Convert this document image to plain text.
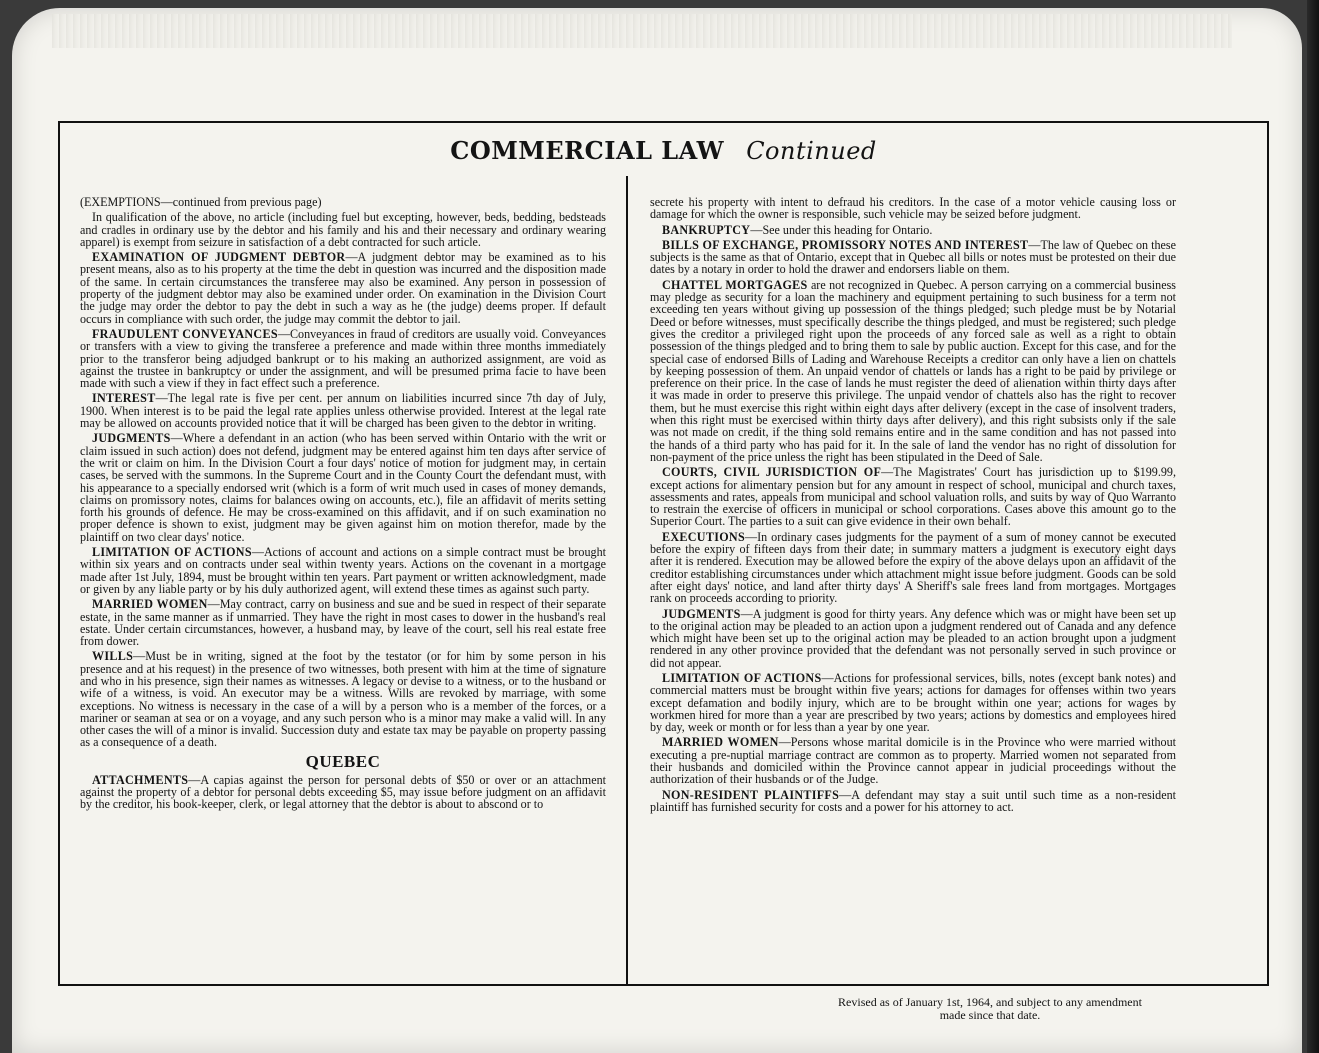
COMMERCIAL LAW Continued

(EXEMPTIONS—continued from previous page)

In qualification of the above, no article (including fuel but excepting, however, beds, bedding, bedsteads and cradles in ordinary use by the debtor and his family and his and their necessary and ordinary wearing apparel) is exempt from seizure in satisfaction of a debt contracted for such article.

EXAMINATION OF JUDGMENT DEBTOR—A judgment debtor may be examined as to his present means, also as to his property at the time the debt in question was incurred and the disposition made of the same. In certain circumstances the transferee may also be examined. Any person in possession of property of the judgment debtor may also be examined under order. On examination in the Division Court the judge may order the debtor to pay the debt in such a way as he (the judge) deems proper. If default occurs in compliance with such order, the judge may commit the debtor to jail.

FRAUDULENT CONVEYANCES—Conveyances in fraud of creditors are usually void. Conveyances or transfers with a view to giving the transferee a preference and made within three months immediately prior to the transferor being adjudged bankrupt or to his making an authorized assignment, are void as against the trustee in bankruptcy or under the assignment, and will be presumed prima facie to have been made with such a view if they in fact effect such a preference.

INTEREST—The legal rate is five per cent. per annum on liabilities incurred since 7th day of July, 1900. When interest is to be paid the legal rate applies unless otherwise provided. Interest at the legal rate may be allowed on accounts provided notice that it will be charged has been given to the debtor in writing.

JUDGMENTS—Where a defendant in an action (who has been served within Ontario with the writ or claim issued in such action) does not defend, judgment may be entered against him ten days after service of the writ or claim on him. In the Division Court a four days' notice of motion for judgment may, in certain cases, be served with the summons. In the Supreme Court and in the County Court the defendant must, with his appearance to a specially endorsed writ (which is a form of writ much used in cases of money demands, claims on promissory notes, claims for balances owing on accounts, etc.), file an affidavit of merits setting forth his grounds of defence. He may be cross-examined on this affidavit, and if on such examination no proper defence is shown to exist, judgment may be given against him on motion therefor, made by the plaintiff on two clear days' notice.

LIMITATION OF ACTIONS—Actions of account and actions on a simple contract must be brought within six years and on contracts under seal within twenty years. Actions on the covenant in a mortgage made after 1st July, 1894, must be brought within ten years. Part payment or written acknowledgment, made or given by any liable party or by his duly authorized agent, will extend these times as against such party.

MARRIED WOMEN—May contract, carry on business and sue and be sued in respect of their separate estate, in the same manner as if unmarried. They have the right in most cases to dower in the husband's real estate. Under certain circumstances, however, a husband may, by leave of the court, sell his real estate free from dower.

WILLS—Must be in writing, signed at the foot by the testator (or for him by some person in his presence and at his request) in the presence of two witnesses, both present with him at the time of signature and who in his presence, sign their names as witnesses. A legacy or devise to a witness, or to the husband or wife of a witness, is void. An executor may be a witness. Wills are revoked by marriage, with some exceptions. No witness is necessary in the case of a will by a person who is a member of the forces, or a mariner or seaman at sea or on a voyage, and any such person who is a minor may make a valid will. In any other cases the will of a minor is invalid. Succession duty and estate tax may be payable on property passing as a consequence of a death.

QUEBEC

ATTACHMENTS—A capias against the person for personal debts of $50 or over or an attachment against the property of a debtor for personal debts exceeding $5, may issue before judgment on an affidavit by the creditor, his book-keeper, clerk, or legal attorney that the debtor is about to abscond or to

secrete his property with intent to defraud his creditors. In the case of a motor vehicle causing loss or damage for which the owner is responsible, such vehicle may be seized before judgment.

BANKRUPTCY—See under this heading for Ontario.

BILLS OF EXCHANGE, PROMISSORY NOTES AND INTEREST—The law of Quebec on these subjects is the same as that of Ontario, except that in Quebec all bills or notes must be protested on their due dates by a notary in order to hold the drawer and endorsers liable on them.

CHATTEL MORTGAGES are not recognized in Quebec. A person carrying on a commercial business may pledge as security for a loan the machinery and equipment pertaining to such business for a term not exceeding ten years without giving up possession of the things pledged; such pledge must be by Notarial Deed or before witnesses, must specifically describe the things pledged, and must be registered; such pledge gives the creditor a privileged right upon the proceeds of any forced sale as well as a right to obtain possession of the things pledged and to bring them to sale by public auction. Except for this case, and for the special case of endorsed Bills of Lading and Warehouse Receipts a creditor can only have a lien on chattels by keeping possession of them. An unpaid vendor of chattels or lands has a right to be paid by privilege or preference on their price. In the case of lands he must register the deed of alienation within thirty days after it was made in order to preserve this privilege. The unpaid vendor of chattels also has the right to recover them, but he must exercise this right within eight days after delivery (except in the case of insolvent traders, when this right must be exercised within thirty days after delivery), and this right subsists only if the sale was not made on credit, if the thing sold remains entire and in the same condition and has not passed into the hands of a third party who has paid for it. In the sale of land the vendor has no right of dissolution for non-payment of the price unless the right has been stipulated in the Deed of Sale.

COURTS, CIVIL JURISDICTION OF—The Magistrates' Court has jurisdiction up to $199.99, except actions for alimentary pension but for any amount in respect of school, municipal and church taxes, assessments and rates, appeals from municipal and school valuation rolls, and suits by way of Quo Warranto to restrain the exercise of officers in municipal or school corporations. Cases above this amount go to the Superior Court. The parties to a suit can give evidence in their own behalf.

EXECUTIONS—In ordinary cases judgments for the payment of a sum of money cannot be executed before the expiry of fifteen days from their date; in summary matters a judgment is executory eight days after it is rendered. Execution may be allowed before the expiry of the above delays upon an affidavit of the creditor establishing circumstances under which attachment might issue before judgment. Goods can be sold after eight days' notice, and land after thirty days' A Sheriff's sale frees land from mortgages. Mortgages rank on proceeds according to priority.

JUDGMENTS—A judgment is good for thirty years. Any defence which was or might have been set up to the original action may be pleaded to an action upon a judgment rendered out of Canada and any defence which might have been set up to the original action may be pleaded to an action brought upon a judgment rendered in any other province provided that the defendant was not personally served in such province or did not appear.

LIMITATION OF ACTIONS—Actions for professional services, bills, notes (except bank notes) and commercial matters must be brought within five years; actions for damages for offenses within two years except defamation and bodily injury, which are to be brought within one year; actions for wages by workmen hired for more than a year are prescribed by two years; actions by domestics and employees hired by day, week or month or for less than a year by one year.

MARRIED WOMEN—Persons whose marital domicile is in the Province who were married without executing a pre-nuptial marriage contract are common as to property. Married women not separated from their husbands and domiciled within the Province cannot appear in judicial proceedings without the authorization of their husbands or of the Judge.

NON-RESIDENT PLAINTIFFS—A defendant may stay a suit until such time as a non-resident plaintiff has furnished security for costs and a power for his attorney to act.

Revised as of January 1st, 1964, and subject to any amendment
made since that date.
